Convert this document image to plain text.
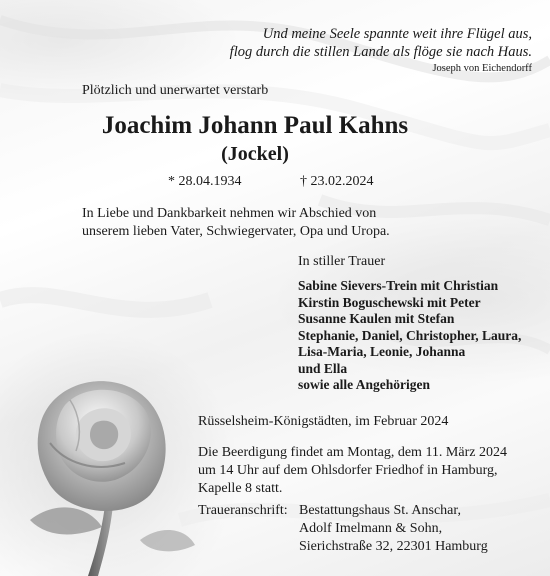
Und meine Seele spannte weit ihre Flügel aus,
flog durch die stillen Lande als flöge sie nach Haus.
Joseph von Eichendorff
Plötzlich und unerwartet verstarb
Joachim Johann Paul Kahns
(Jockel)
* 28.04.1934	† 23.02.2024
In Liebe und Dankbarkeit nehmen wir Abschied von
unserem lieben Vater, Schwiegervater, Opa und Uropa.
In stiller Trauer
Sabine Sievers-Trein mit Christian
Kirstin Boguschewski mit Peter
Susanne Kaulen mit Stefan
Stephanie, Daniel, Christopher, Laura,
Lisa-Maria, Leonie, Johanna
und Ella
sowie alle Angehörigen
Rüsselsheim-Königstädten, im Februar 2024
Die Beerdigung findet am Montag, dem 11. März 2024
um 14 Uhr auf dem Ohlsdorfer Friedhof in Hamburg,
Kapelle 8 statt.
Traueranschrift: Bestattungshaus St. Anschar,
Adolf Imelmann & Sohn,
Sierichstraße 32, 22301 Hamburg
